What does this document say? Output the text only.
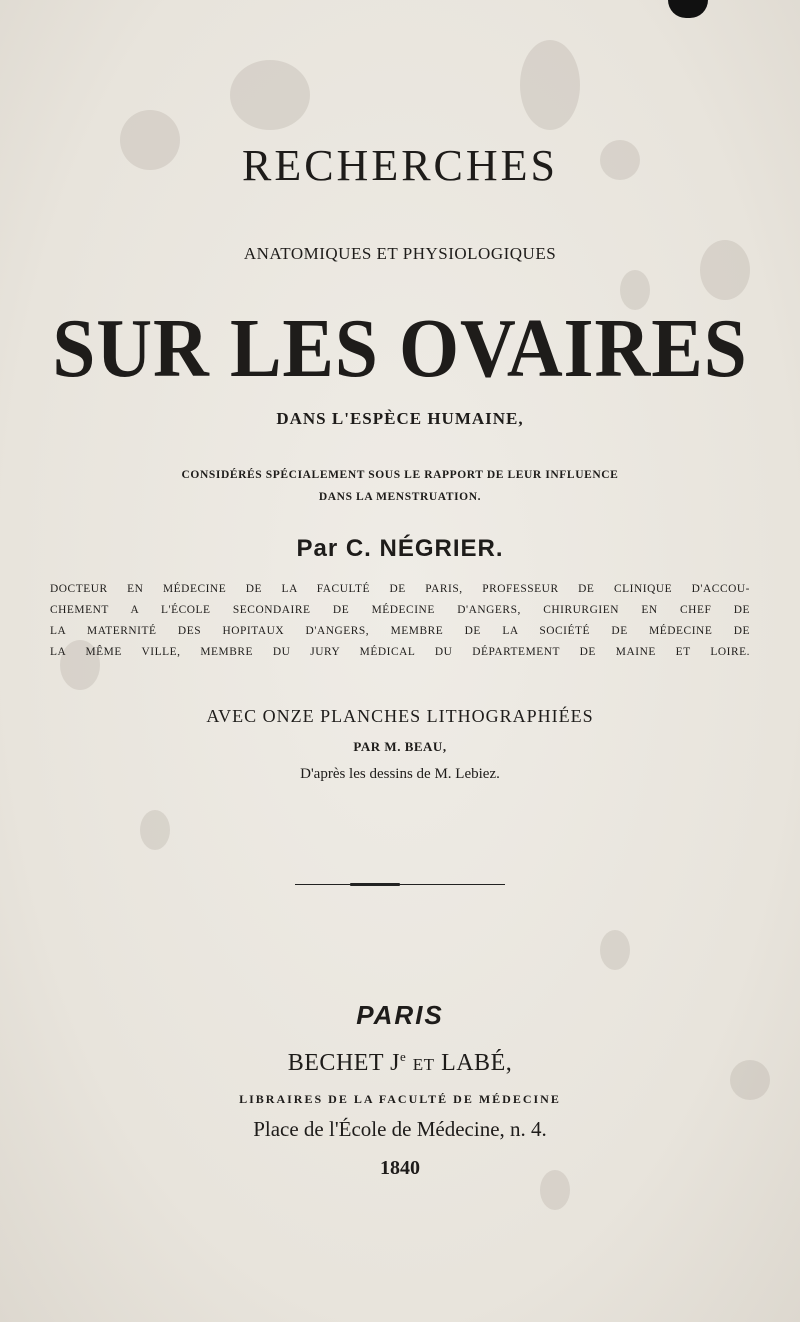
RECHERCHES
ANATOMIQUES ET PHYSIOLOGIQUES
SUR LES OVAIRES
DANS L'ESPÈCE HUMAINE,
CONSIDÉRÉS SPÉCIALEMENT SOUS LE RAPPORT DE LEUR INFLUENCE
DANS LA MENSTRUATION.
Par C. NÉGRIER.
DOCTEUR EN MÉDECINE DE LA FACULTÉ DE PARIS, PROFESSEUR DE CLINIQUE D'ACCOU-
CHEMENT A L'ÉCOLE SECONDAIRE DE MÉDECINE D'ANGERS, CHIRURGIEN EN CHEF DE
LA MATERNITÉ DES HOPITAUX D'ANGERS, MEMBRE DE LA SOCIÉTÉ DE MÉDECINE DE
LA MÊME VILLE, MEMBRE DU JURY MÉDICAL DU DÉPARTEMENT DE MAINE ET LOIRE.
AVEC ONZE PLANCHES LITHOGRAPHIÉES
PAR M. BEAU,
D'après les dessins de M. Lebiez.
PARIS
BECHET $J^e$ ET LABÉ,
LIBRAIRES DE LA FACULTÉ DE MÉDECINE
Place de l'École de Médecine, n. 4.
1840
